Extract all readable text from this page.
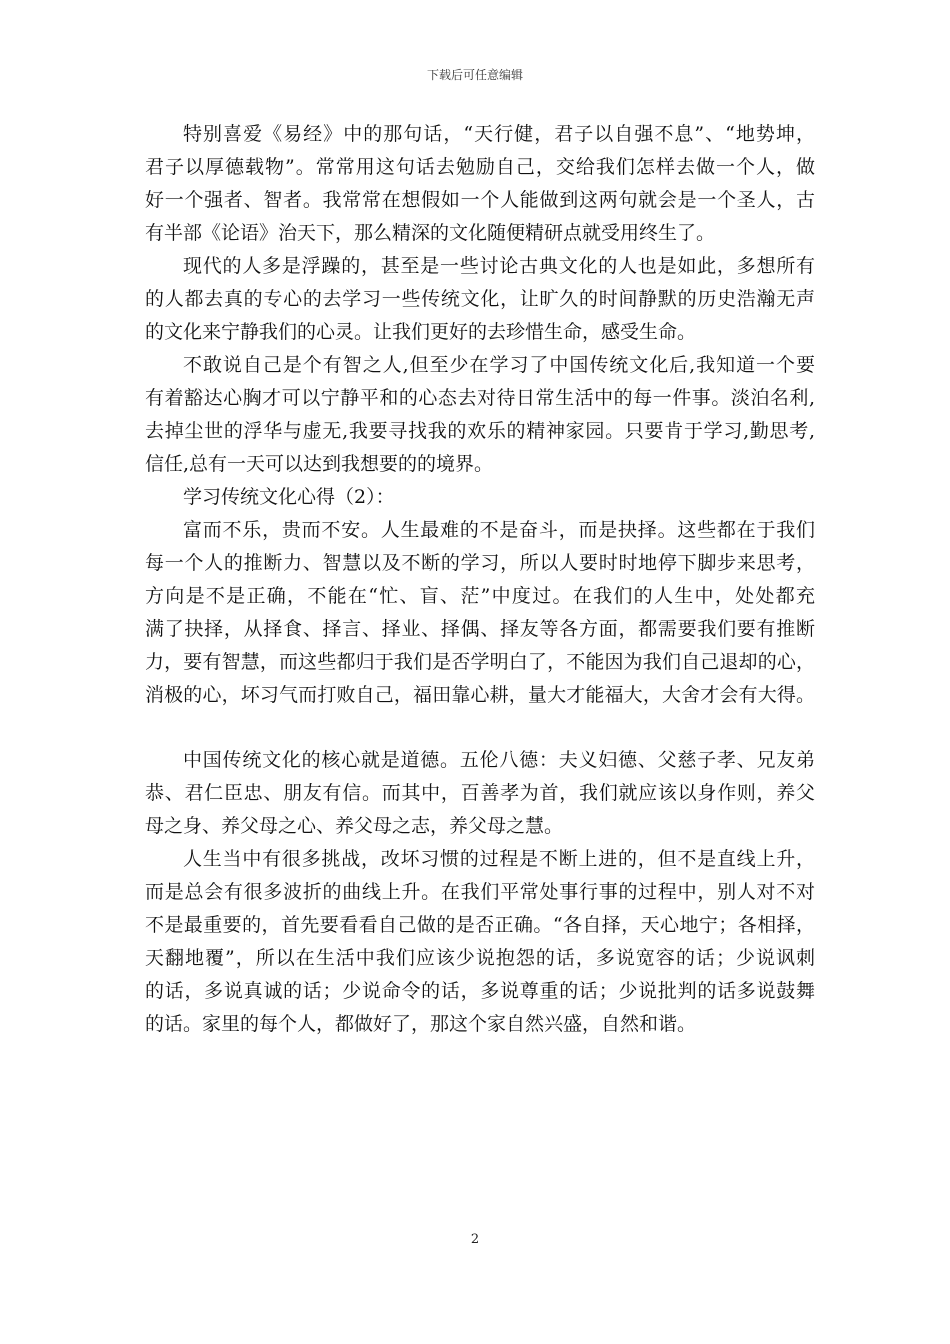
下载后可任意编辑
特别喜爱《易经》中的那句话，“天行健，君子以自强不息”、“地势坤，
君子以厚德载物”。常常用这句话去勉励自己，交给我们怎样去做一个人，做
好一个强者、智者。我常常在想假如一个人能做到这两句就会是一个圣人，古
有半部《论语》治天下，那么精深的文化随便精研点就受用终生了。
现代的人多是浮躁的，甚至是一些讨论古典文化的人也是如此，多想所有
的人都去真的专心的去学习一些传统文化，让旷久的时间静默的历史浩瀚无声
的文化来宁静我们的心灵。让我们更好的去珍惜生命，感受生命。
不敢说自己是个有智之人,但至少在学习了中国传统文化后,我知道一个要
有着豁达心胸才可以宁静平和的心态去对待日常生活中的每一件事。淡泊名利,
去掉尘世的浮华与虚无,我要寻找我的欢乐的精神家园。只要肯于学习,勤思考,
信任,总有一天可以达到我想要的的境界。
学习传统文化心得（2）：
富而不乐，贵而不安。人生最难的不是奋斗，而是抉择。这些都在于我们
每一个人的推断力、智慧以及不断的学习，所以人要时时地停下脚步来思考，
方向是不是正确，不能在“忙、盲、茫”中度过。在我们的人生中，处处都充
满了抉择，从择食、择言、择业、择偶、择友等各方面，都需要我们要有推断
力，要有智慧，而这些都归于我们是否学明白了，不能因为我们自己退却的心，
消极的心，坏习气而打败自己，福田靠心耕，量大才能福大，大舍才会有大得。
中国传统文化的核心就是道德。五伦八德：夫义妇德、父慈子孝、兄友弟
恭、君仁臣忠、朋友有信。而其中，百善孝为首，我们就应该以身作则，养父
母之身、养父母之心、养父母之志，养父母之慧。
人生当中有很多挑战，改坏习惯的过程是不断上进的，但不是直线上升，
而是总会有很多波折的曲线上升。在我们平常处事行事的过程中，别人对不对
不是最重要的，首先要看看自己做的是否正确。“各自择，天心地宁；各相择，
天翻地覆”，所以在生活中我们应该少说抱怨的话，多说宽容的话；少说讽刺
的话，多说真诚的话；少说命令的话，多说尊重的话；少说批判的话多说鼓舞
的话。家里的每个人，都做好了，那这个家自然兴盛，自然和谐。
2
